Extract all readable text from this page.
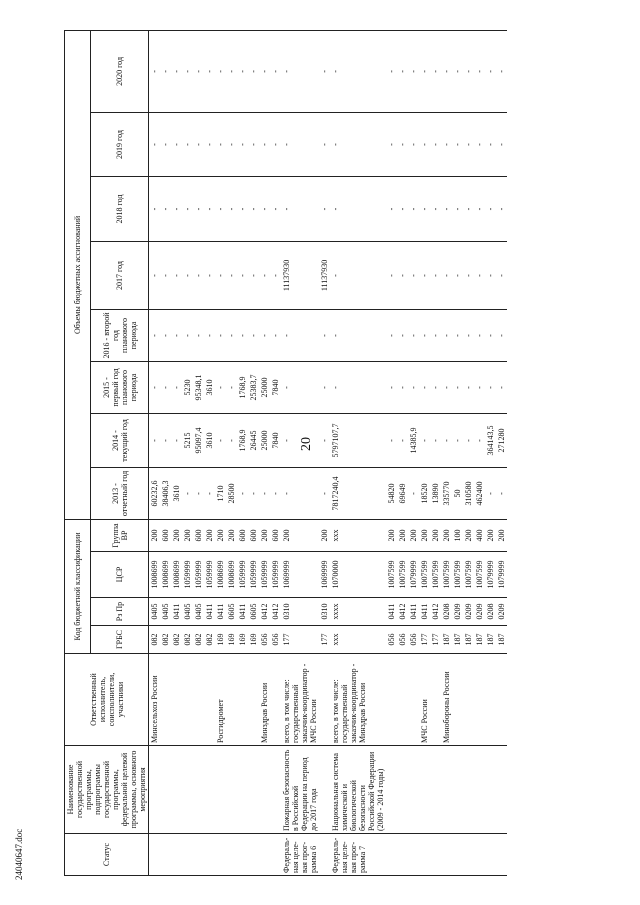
20
24040647.doc	Статус	Наименование государственной программы, подпрограммы государственной программы, федеральной целевой программы, основного мероприятия	Ответственный исполнитель, соисполнители, участники	Код бюджетной классификации				Объемы бюджетных ассигнований							
			ГРБС	Рз Пр	ЦСР	Группа ВР	2013 - отчетный год	2014 - текущий год	2015 - первый год планового периода	2016 - второй год планового периода	2017 год	2018 год	2019 год	2020 год
		Минсельхоз России	082	0405	1008699	200	60232,6	-	-	-	-	-	-	-
			082	0405	1008699	600	38406,3	-	-	-	-	-	-	-
			082	0411	1008699	200	3610	-	-	-	-	-	-	-
			082	0405	1059999	200	-	5215	5230	-	-	-	-	-
			082	0405	1059999	600	-	95097,4	95348,1	-	-	-	-	-
			082	0411	1059999	200	-	3610	3610	-	-	-	-	-
		Росгидромет	169	0411	1008699	200	1710	-	-	-	-	-	-	-
			169	0605	1008699	200	28500	-	-	-	-	-	-	-
			169	0411	1059999	600	-	1768,9	1768,9	-	-	-	-	-
			169	0605	1059999	600	-	26445	25383,7	-	-	-	-	-
		Минздрав России	056	0412	1059999	200	-	25000	25000	-	-	-	-	-
			056	0412	1059999	600	-	7840	7840	-	-	-	-	-
Федераль-ная целе-вая прог-рамма 6	Пожарная безопасность в Российской Федерации на период до 2017 года	всего, в том числе: государственный заказчик-координатор - МЧС России	177	0310	1069999	200	-	-	-	-	11137930	-	-	-
			177	0310	1069999	200	-	-	-	-	11137930	-	-	-
Федераль-ная целе-вая прог-рамма 7	Национальная система химической и биологической безопасности Российской Федерации (2009 - 2014 годы)	всего, в том числе: государственный заказчик-координатор - Минздрав России	ххх	хххх	1070000	ххх	7817240,4	5797107,7	-	-	-	-	-	-
			056	0411	1007599	200	54820	-	-	-	-	-	-	-
			056	0412	1007599	200	69649	-	-	-	-	-	-	-
			056	0411	1079999	200	-	14385,9	-	-	-	-	-	-
		МЧС России	177	0411	1007599	200	18520	-	-	-	-	-	-	-
			177	0412	1007599	200	13890	-	-	-	-	-	-	-
		Минобороны России	187	0208	1007599	200	335770	-	-	-	-	-	-	-
			187	0209	1007599	100	50	-	-	-	-	-	-	-
			187	0209	1007599	200	310580	-	-	-	-	-	-	-
			187	0209	1007599	400	462400	-	-	-	-	-	-	-
			187	0208	1079999	200	-	364143,5	-	-	-	-	-	-
			187	0209	1079999	200	-	271280	-	-	-	-	-	-
